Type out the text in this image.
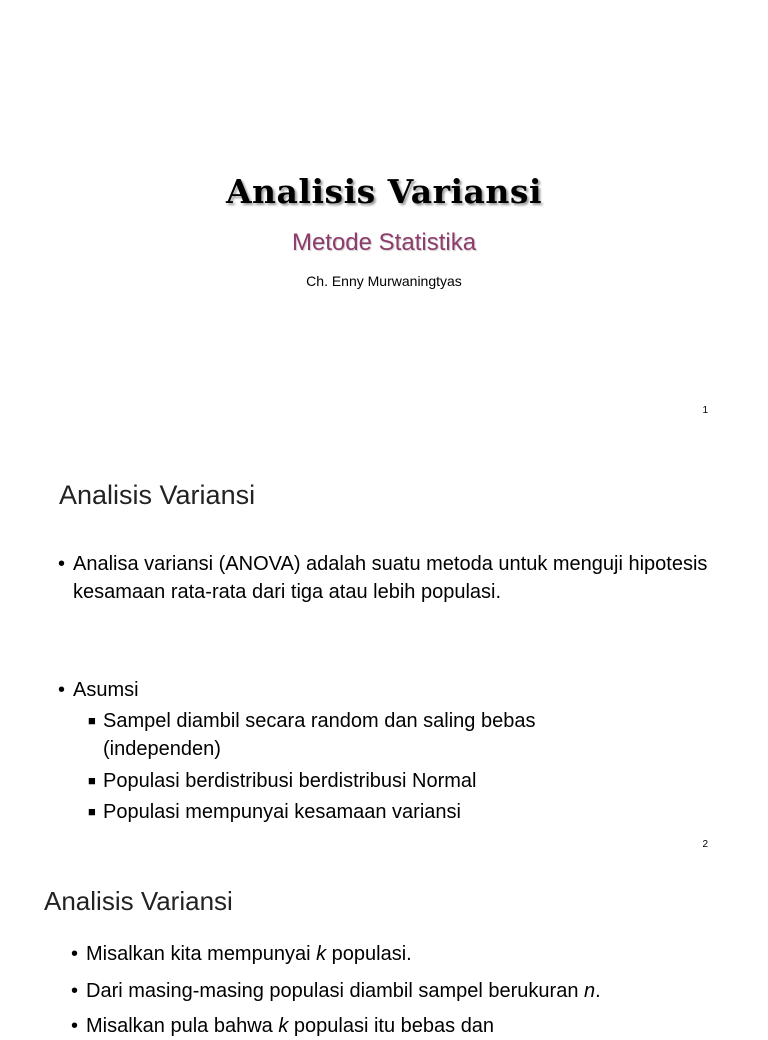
Analisis Variansi
Metode Statistika
Ch. Enny Murwaningtyas
1
Analisis Variansi
• Analisa variansi (ANOVA) adalah suatu metoda untuk menguji hipotesis kesamaan rata-rata dari tiga atau lebih populasi.
• Asumsi
■ Sampel diambil secara random dan saling bebas (independen)
■ Populasi berdistribusi berdistribusi Normal
■ Populasi mempunyai kesamaan variansi
2
Analisis Variansi
• Misalkan kita mempunyai k populasi.
• Dari masing-masing populasi diambil sampel berukuran n.
• Misalkan pula bahwa k populasi itu bebas dan
